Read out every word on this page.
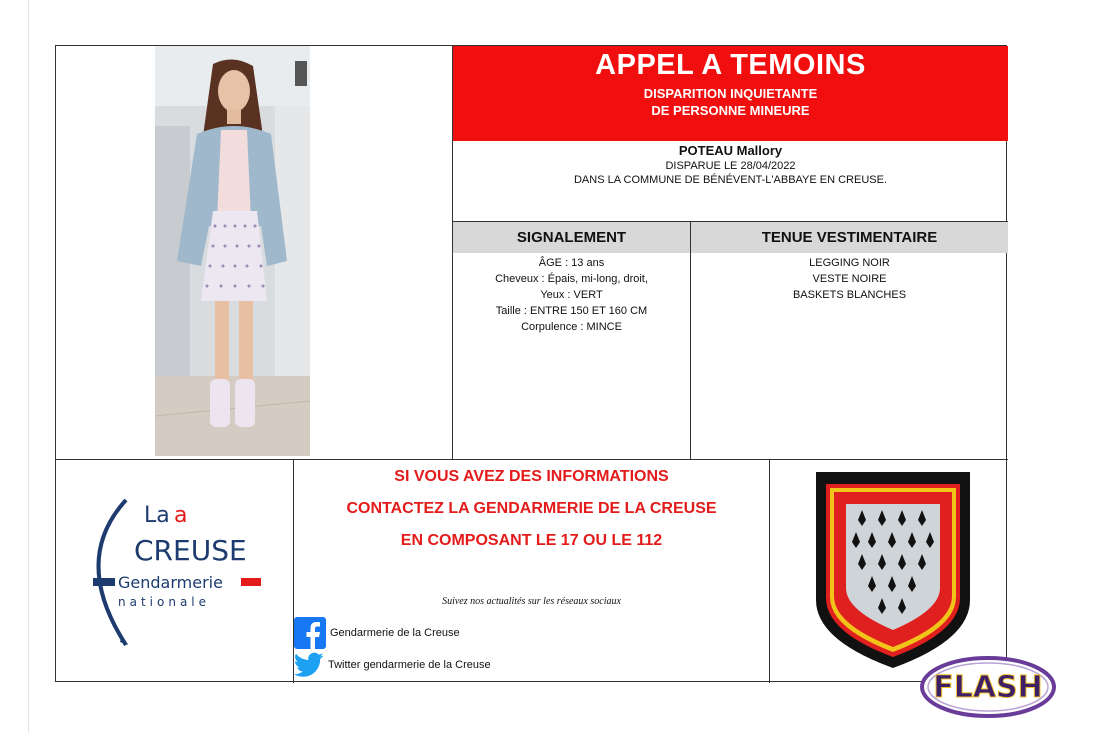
APPEL A TEMOINS
DISPARITION INQUIETANTE
DE PERSONNE MINEURE
POTEAU Mallory
DISPARUE LE 28/04/2022
DANS LA COMMUNE DE BÉNÉVENT-L'ABBAYE EN CREUSE.
SIGNALEMENT
ÂGE : 13 ans
Cheveux : Épais, mi-long, droit,
Yeux : VERT
Taille : ENTRE 150 ET 160 CM
Corpulence : MINCE
TENUE VESTIMENTAIRE
LEGGING NOIR
VESTE NOIRE
BASKETS BLANCHES
La a
CREUSE
Gendarmerie
nationale
SI VOUS AVEZ DES INFORMATIONS
CONTACTEZ LA GENDARMERIE DE LA CREUSE
EN COMPOSANT LE 17 OU LE 112
Suivez nos actualités sur les réseaux sociaux
Gendarmerie de la Creuse
Twitter gendarmerie de la Creuse
FLASH
